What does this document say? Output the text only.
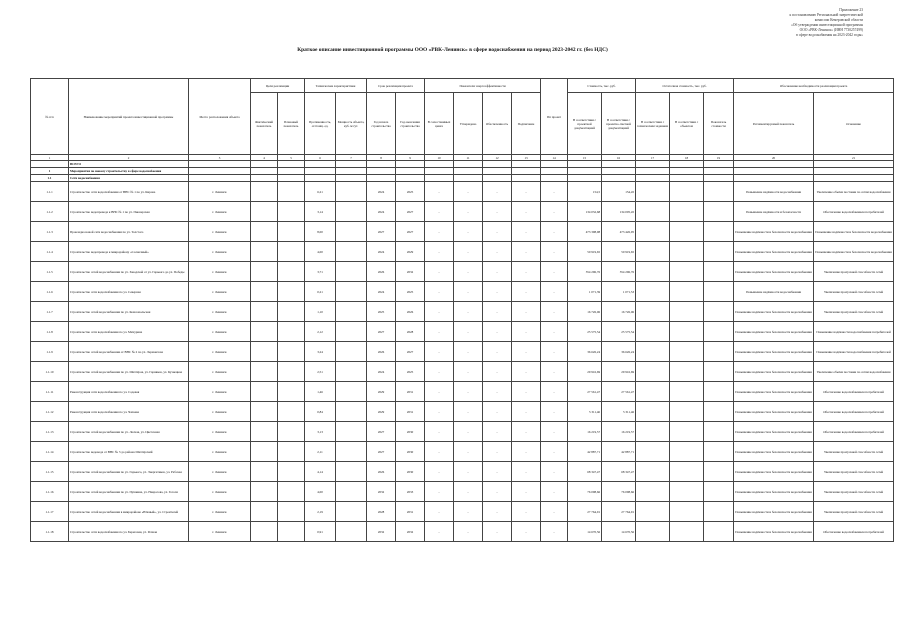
Приложение 23
к постановлению Региональной энергетической
комиссии Кемеровской области
«Об утверждении инвестиционной программы
ООО «РВК-Ленинск» (ИНН 7730257499)
в сфере водоснабжения на 2023-2042 годы»
Краткое описание инвестиционной программы ООО «РВК-Ленинск» в сфере водоснабжения на период 2023-2042 гг. (без НДС)
№ п/п	Наименование мероприятий проекта инвестиционной программы	Место расположения объекта	Цели реализации		Технические характеристики		Срок реализации проекта		Показатели энергоэффективности				Пп проект	Стоимость, тыс. руб.		Остаточная стоимость, тыс. руб.			Обоснование необходимости реализации проекта	
			Фактический показатель	Плановый показатель	Протяженность, отстоящ. ед.	Мощность объекта, куб. м/сут.	Год начала строительства	Год окончания строительства	В сопоставимых ценах	Утверждено	Обеспеченность	Подписание		В соответствии с проектной документацией	В соответствии с проектно-сметной документацией	В соответствии с техническим заданием	В соответствии с объектом	Показатель стоимости	Регламентируемый показатель	Основание
1	2	3	4	5	6	7	8	9	10	11	12	13	14	15	16	17	18	19	20	21
	ВСЕГО																			
1	Мероприятия по новому строительству в сфере водоснабжения																			
1.1	Сети водоснабжения																			
1.1.1	Строительство сети водоснабжения от ВНС № 1 по ул. Кирова	г. Ленинск			6,21		2024	2025	-	-	-	-	-	154,5	154,45				Повышение надёжности водоснабжения	Увеличение объёма поставки по сетям водоснабжения
1.1.2	Строительство водопровода к ВНС № 1 по ул. Пионерская	г. Ленинск			3,14		2024	2027	-	-	-	-	-	134 032,68	134 005,45				Повышение надёжности и безопасности	Обеспечение водоснабжением потребителей
1.1.3	Прокладка новой сети водоснабжения по ул. Толстого	г. Ленинск			8,00		2027	2027	-	-	-	-	-	473 398,98	473 426,95				Повышение надёжности и безопасности водоснабжения	Повышение надёжности и безопасности водоснабжения
1.1.4	Строительство водопровода к микрорайону «Солнечный»	г. Ленинск			4,00		2024	2029	-	-	-	-	-	50 919,65	50 919,65				Повышение надёжности и безопасности водоснабжения	Повышение надёжности и безопасности водоснабжения
1.1.5	Строительство сетей водоснабжения по ул. Заводской от ул. Горького до ул. Победы	г. Ленинск			3,71		2026	2032	-	-	-	-	-	354 296,76	354 296,76				Повышение надёжности и безопасности водоснабжения	Увеличение пропускной способности сетей
1.1.6	Строительство сети водоснабжения по ул. Северная	г. Ленинск			0,21		2024	2025	-	-	-	-	-	1 071,39	1 071,53				Повышение надёжности водоснабжения	Увеличение пропускной способности сетей
1.1.7	Строительство сетей водоснабжения по ул. Комсомольская	г. Ленинск			1,10		2025	2026	-	-	-	-	-	16 726,06	16 726,06				Повышение надёжности и безопасности водоснабжения	Увеличение пропускной способности сетей
1.1.8	Строительство сети водоснабжения по ул. Мичурина	г. Ленинск			2,12		2027	2028	-	-	-	-	-	25 575,54	25 575,54				Повышение надёжности и безопасности водоснабжения	Повышение надёжности водоснабжения потребителей
1.1.9	Строительство сетей водоснабжения от ВНС № 2 по ул. Лермонтова	г. Ленинск			3,24		2026	2027	-	-	-	-	-	36 626,24	36 626,24				Повышение надёжности и безопасности водоснабжения	Повышение надёжности водоснабжения потребителей
1.1.10	Строительство сетей водоснабжения по ул. Шахтёров, ул. Горняков, ул. Кузнецкая	г. Ленинск			2,51		2024	2025	-	-	-	-	-	29 916,69	29 916,69				Повышение надёжности и безопасности водоснабжения	Увеличение объёма поставки по сетям водоснабжения
1.1.11	Реконструкция сети водоснабжения по ул. Садовая	г. Ленинск			1,46		2029	2031	-	-	-	-	-	27 561,47	27 561,47				Повышение надёжности и безопасности водоснабжения	Обеспечение водоснабжением потребителей
1.1.12	Реконструкция сети водоснабжения по ул. Чапаева	г. Ленинск			0,84		2029	2031	-	-	-	-	-	5 311,46	5 311,46				Повышение надёжности и безопасности водоснабжения	Обеспечение водоснабжением потребителей
1.1.13	Строительство сетей водоснабжения по ул. Лесная, ул. Цветочная	г. Ленинск			3,13		2027	2030	-	-	-	-	-	16 219,57	16 219,57				Повышение надёжности и безопасности водоснабжения	Обеспечение водоснабжением потребителей
1.1.14	Строительство водовода от ВНС № 3 до района Шахтёрский	г. Ленинск			2,11		2027	2030	-	-	-	-	-	42 887,71	42 887,71				Повышение надёжности и безопасности водоснабжения	Увеличение пропускной способности сетей
1.1.15	Строительство сетей водоснабжения по ул. Горького, ул. Энергетиков, ул. Рабочая	г. Ленинск			4,14		2026	2030	-	-	-	-	-	68 347,47	68 347,47				Повышение надёжности и безопасности водоснабжения	Увеличение пропускной способности сетей
1.1.16	Строительство сетей водоснабжения по ул. Пушкина, ул. Некрасова, ул. Гоголя	г. Ленинск			4,00		2032	2033	-	-	-	-	-	76 098,66	76 098,66				Повышение надёжности и безопасности водоснабжения	Увеличение пропускной способности сетей
1.1.17	Строительство сетей водоснабжения в микрорайоне «Южный», ул. Строителей	г. Ленинск			2,19		2028	2031	-	-	-	-	-	27 764,91	27 764,91				Повышение надёжности и безопасности водоснабжения	Увеличение пропускной способности сетей
1.1.18	Строительство сети водоснабжения по ул. Береговая, ул. Речная	г. Ленинск			0,91		2032	2032	-	-	-	-	-	14 670,56	14 670,56				Повышение надёжности и безопасности водоснабжения	Обеспечение водоснабжением потребителей
